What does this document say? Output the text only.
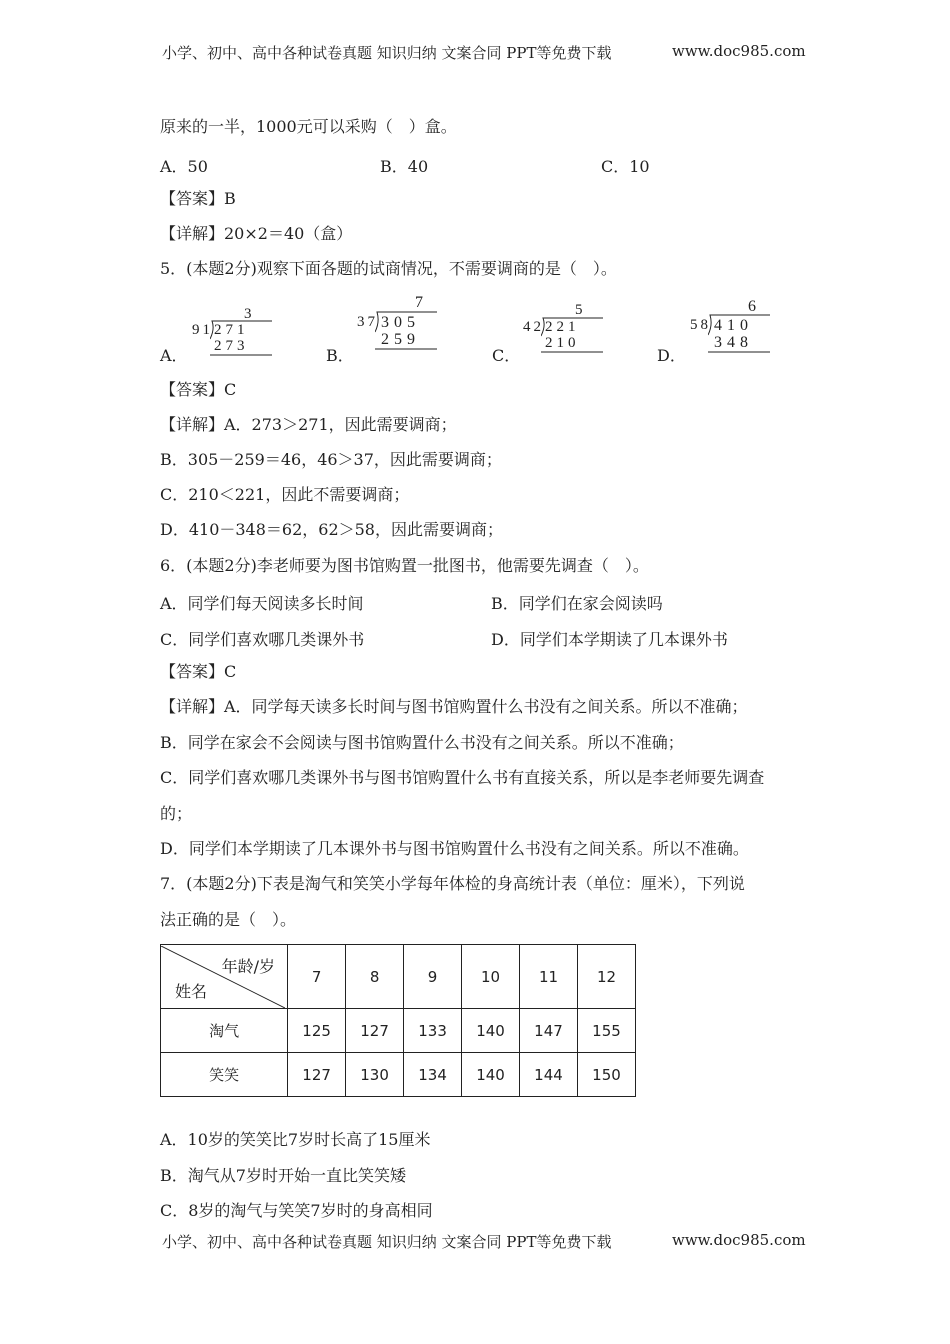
小学、初中、高中各种试卷真题 知识归纳 文案合同 PPT等免费下载	www.doc985.com
原来的一半，1000元可以采购（　）盒。
A．50	B．40	C．10
【答案】B
【详解】20×2＝40（盒）
5．(本题2分)观察下面各题的试商情况，不需要调商的是（　）。
A．	B．	C．	D．
3
91 271
273
7
37 305
259
5
42 221
210
6
58 410
348
【答案】C
【详解】A．273＞271，因此需要调商；
B．305－259＝46，46＞37，因此需要调商；
C．210＜221，因此不需要调商；
D．410－348＝62，62＞58，因此需要调商；
6．(本题2分)李老师要为图书馆购置一批图书，他需要先调查（　）。
A．同学们每天阅读多长时间	B．同学们在家会阅读吗
C．同学们喜欢哪几类课外书	D．同学们本学期读了几本课外书
【答案】C
【详解】A．同学每天读多长时间与图书馆购置什么书没有之间关系。所以不准确；
B．同学在家会不会阅读与图书馆购置什么书没有之间关系。所以不准确；
C．同学们喜欢哪几类课外书与图书馆购置什么书有直接关系，所以是李老师要先调查
的；
D．同学们本学期读了几本课外书与图书馆购置什么书没有之间关系。所以不准确。
7．(本题2分)下表是淘气和笑笑小学每年体检的身高统计表（单位：厘米），下列说
法正确的是（　）。
年龄/岁
姓名	7	8	9	10	11	12
淘气	125	127	133	140	147	155
笑笑	127	130	134	140	144	150
A．10岁的笑笑比7岁时长高了15厘米
B．淘气从7岁时开始一直比笑笑矮
C．8岁的淘气与笑笑7岁时的身高相同
小学、初中、高中各种试卷真题 知识归纳 文案合同 PPT等免费下载	www.doc985.com
